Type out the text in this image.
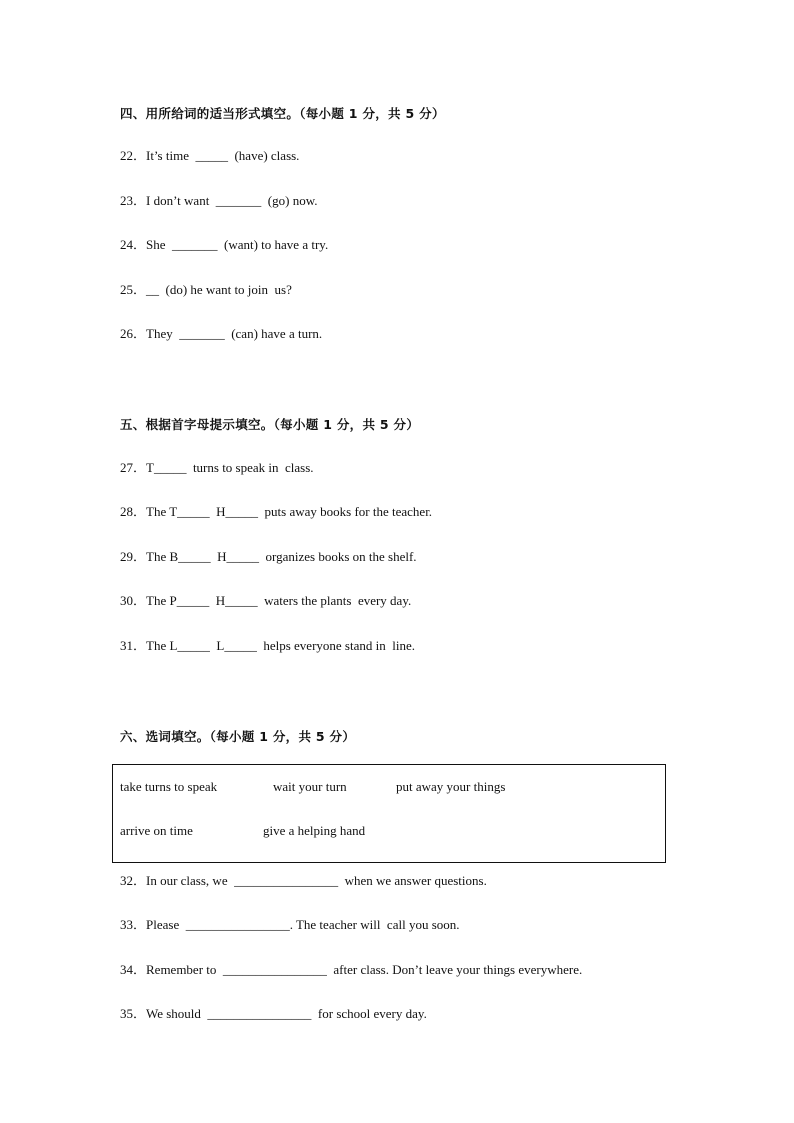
四、用所给词的适当形式填空。（每小题 1 分，共 5 分）
22．It’s time  _____  (have) class.
23．I don’t want  _______  (go) now.
24．She  _______  (want) to have a try.
25．__  (do) he want to join  us?
26．They  _______  (can) have a turn.
五、根据首字母提示填空。（每小题 1 分，共 5 分）
27．T_____  turns to speak in  class.
28．The T_____  H_____  puts away books for the teacher.
29．The B_____  H_____  organizes books on the shelf.
30．The P_____  H_____  waters the plants  every day.
31．The L_____  L_____  helps everyone stand in  line.
六、选词填空。（每小题 1 分，共 5 分）
take turns to speak	wait your turn	put away your things
arrive on time	give a helping hand
32．In our class, we  ________________  when we answer questions.
33．Please  ________________. The teacher will  call you soon.
34．Remember to  ________________  after class. Don’t leave your things everywhere.
35．We should  ________________  for school every day.
